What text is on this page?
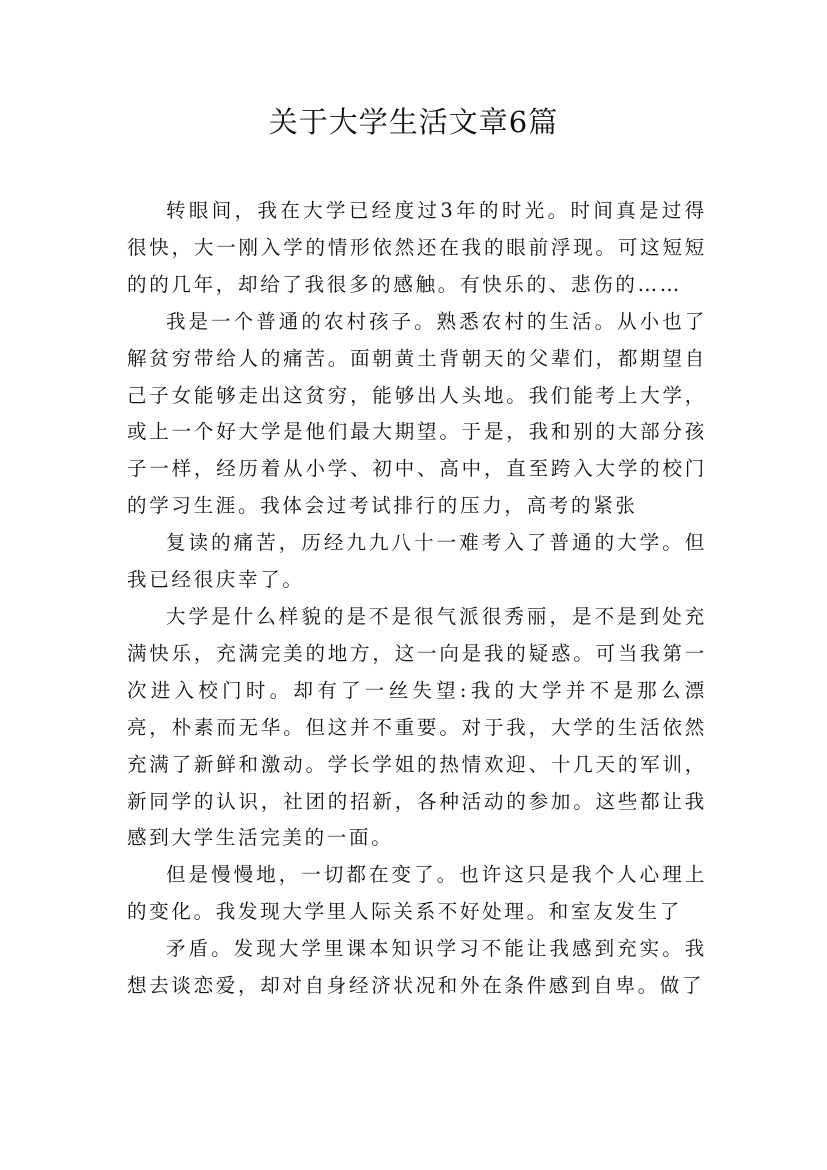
关于大学生活文章6篇

转眼间，我在大学已经度过3年的时光。时间真是过得很快，大一刚入学的情形依然还在我的眼前浮现。可这短短的的几年，却给了我很多的感触。有快乐的、悲伤的……

我是一个普通的农村孩子。熟悉农村的生活。从小也了解贫穷带给人的痛苦。面朝黄土背朝天的父辈们，都期望自己子女能够走出这贫穷，能够出人头地。我们能考上大学，或上一个好大学是他们最大期望。于是，我和别的大部分孩子一样，经历着从小学、初中、高中，直至跨入大学的校门的学习生涯。我体会过考试排行的压力，高考的紧张

复读的痛苦，历经九九八十一难考入了普通的大学。但我已经很庆幸了。

大学是什么样貌的是不是很气派很秀丽，是不是到处充满快乐，充满完美的地方，这一向是我的疑惑。可当我第一次进入校门时。却有了一丝失望:我的大学并不是那么漂亮，朴素而无华。但这并不重要。对于我，大学的生活依然充满了新鲜和激动。学长学姐的热情欢迎、十几天的军训，新同学的认识，社团的招新，各种活动的参加。这些都让我感到大学生活完美的一面。

但是慢慢地，一切都在变了。也许这只是我个人心理上的变化。我发现大学里人际关系不好处理。和室友发生了

矛盾。发现大学里课本知识学习不能让我感到充实。我想去谈恋爱，却对自身经济状况和外在条件感到自卑。做了
